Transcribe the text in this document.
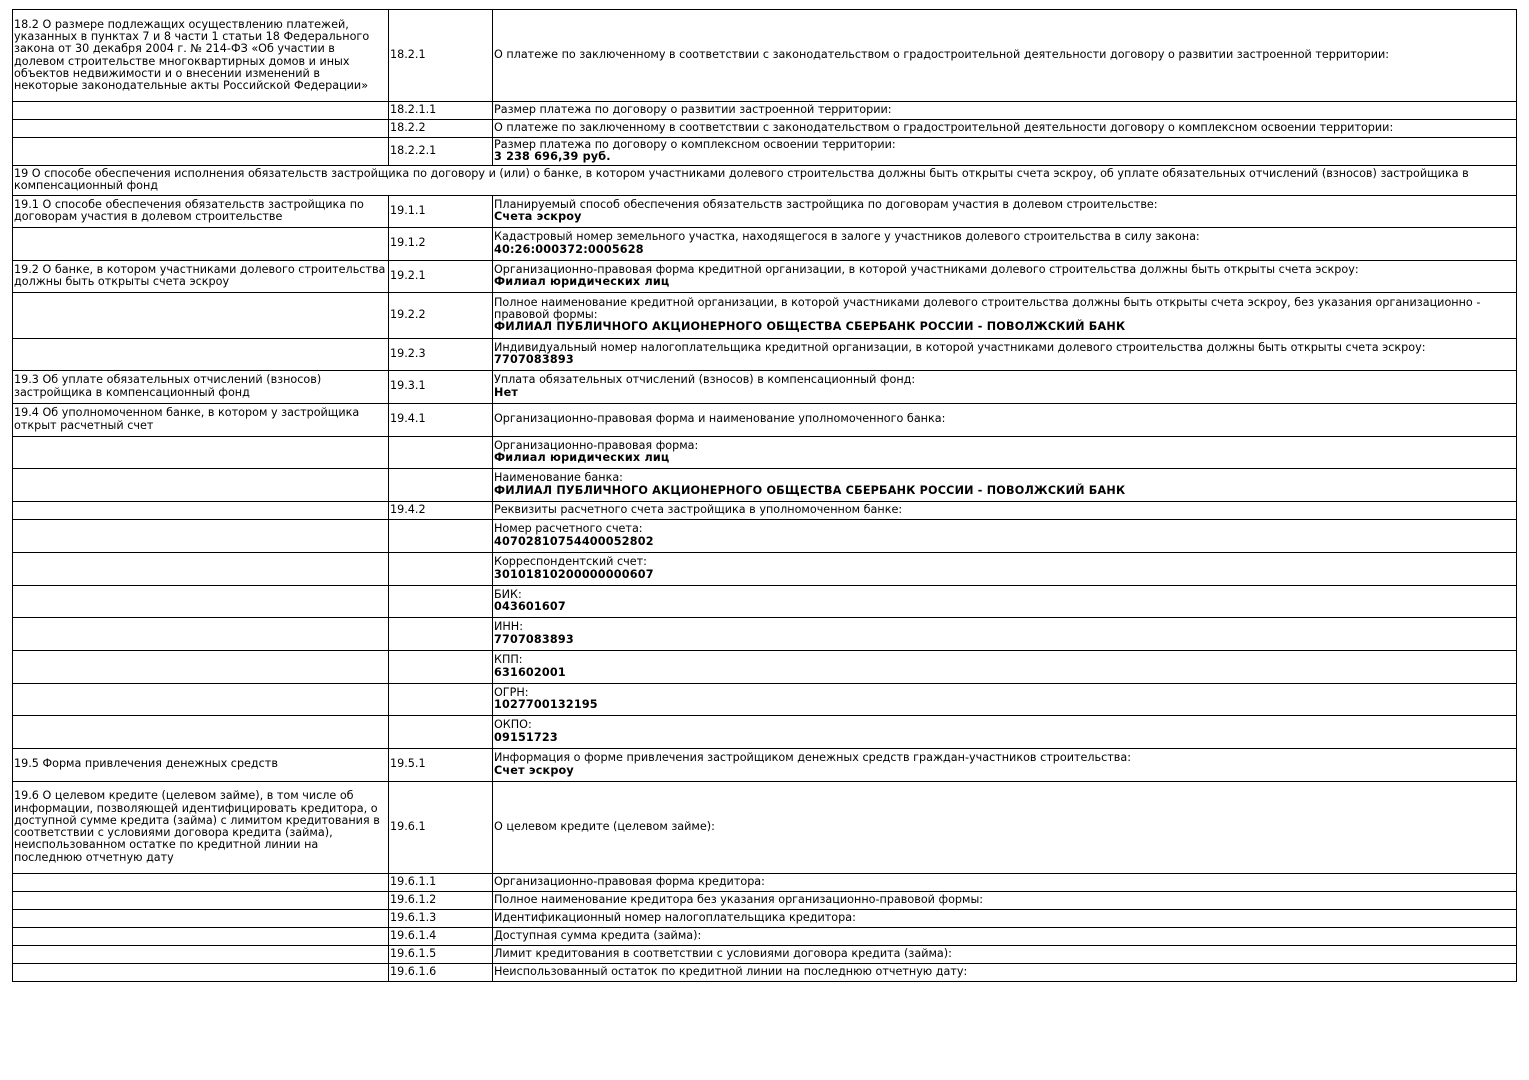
18.2 О размере подлежащих осуществлению платежей, указанных в пунктах 7 и 8 части 1 статьи 18 Федерального закона от 30 декабря 2004 г. № 214-ФЗ «Об участии в долевом строительстве многоквартирных домов и иных объектов недвижимости и о внесении изменений в некоторые законодательные акты Российской Федерации»	18.2.1	О платеже по заключенному в соответствии с законодательством о градостроительной деятельности договору о развитии застроенной территории:

	18.2.1.1	Размер платежа по договору о развитии застроенной территории:

	18.2.2	О платеже по заключенному в соответствии с законодательством о градостроительной деятельности договору о комплексном освоении территории:

	18.2.2.1	Размер платежа по договору о комплексном освоении территории:
3 238 696,39 руб.

19 О способе обеспечения исполнения обязательств застройщика по договору и (или) о банке, в котором участниками долевого строительства должны быть открыты счета эскроу, об уплате обязательных отчислений (взносов) застройщика в компенсационный фонд		
19.1 О способе обеспечения обязательств застройщика по договорам участия в долевом строительстве	19.1.1	Планируемый способ обеспечения обязательств застройщика по договорам участия в долевом строительстве:
Счета эскроу

	19.1.2	Кадастровый номер земельного участка, находящегося в залоге у участников долевого строительства в силу закона:
40:26:000372:0005628

19.2 О банке, в котором участниками долевого строительства должны быть открыты счета эскроу	19.2.1	Организационно-правовая форма кредитной организации, в которой участниками долевого строительства должны быть открыты счета эскроу:
Филиал юридических лиц

	19.2.2	Полное наименование кредитной организации, в которой участниками долевого строительства должны быть открыты счета эскроу, без указания организационно - правовой формы:
ФИЛИАЛ ПУБЛИЧНОГО АКЦИОНЕРНОГО ОБЩЕСТВА СБЕРБАНК РОССИИ - ПОВОЛЖСКИЙ БАНК

	19.2.3	Индивидуальный номер налогоплательщика кредитной организации, в которой участниками долевого строительства должны быть открыты счета эскроу:
7707083893

19.3 Об уплате обязательных отчислений (взносов) застройщика в компенсационный фонд	19.3.1	Уплата обязательных отчислений (взносов) в компенсационный фонд:
Нет

19.4 Об уполномоченном банке, в котором у застройщика открыт расчетный счет	19.4.1	Организационно-правовая форма и наименование уполномоченного банка:

		Организационно-правовая форма:
Филиал юридических лиц

		Наименование банка:
ФИЛИАЛ ПУБЛИЧНОГО АКЦИОНЕРНОГО ОБЩЕСТВА СБЕРБАНК РОССИИ - ПОВОЛЖСКИЙ БАНК

	19.4.2	Реквизиты расчетного счета застройщика в уполномоченном банке:

		Номер расчетного счета:
40702810754400052802

		Корреспондентский счет:
30101810200000000607

		БИК:
043601607

		ИНН:
7707083893

		КПП:
631602001

		ОГРН:
1027700132195

		ОКПО:
09151723

19.5 Форма привлечения денежных средств	19.5.1	Информация о форме привлечения застройщиком денежных средств граждан-участников строительства:
Счет эскроу

19.6 О целевом кредите (целевом займе), в том числе об информации, позволяющей идентифицировать кредитора, о доступной сумме кредита (займа) с лимитом кредитования в соответствии с условиями договора кредита (займа), неиспользованном остатке по кредитной линии на последнюю отчетную дату	19.6.1	О целевом кредите (целевом займе):

	19.6.1.1	Организационно-правовая форма кредитора:

	19.6.1.2	Полное наименование кредитора без указания организационно-правовой формы:

	19.6.1.3	Идентификационный номер налогоплательщика кредитора:

	19.6.1.4	Доступная сумма кредита (займа):

	19.6.1.5	Лимит кредитования в соответствии с условиями договора кредита (займа):

	19.6.1.6	Неиспользованный остаток по кредитной линии на последнюю отчетную дату:
